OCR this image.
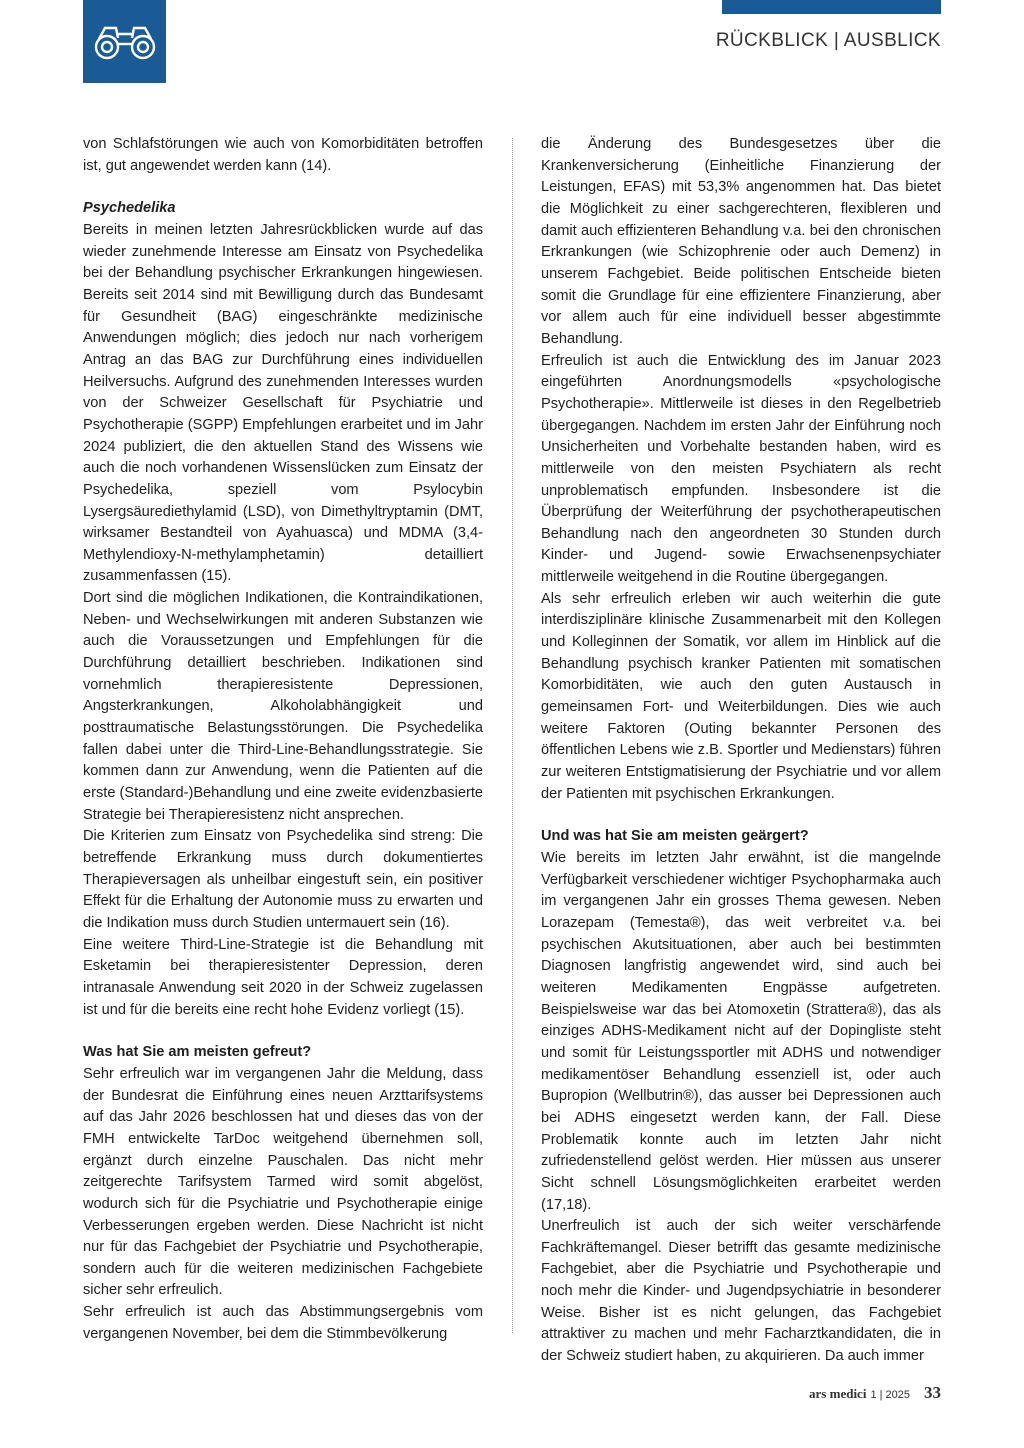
RÜCKBLICK | AUSBLICK

von Schlafstörungen wie auch von Komorbiditäten betroffen ist, gut angewendet werden kann (14).

Psychedelika

Bereits in meinen letzten Jahresrückblicken wurde auf das wieder zunehmende Interesse am Einsatz von Psychedelika bei der Behandlung psychischer Erkrankungen hingewiesen. Bereits seit 2014 sind mit Bewilligung durch das Bundesamt für Gesundheit (BAG) eingeschränkte medizinische Anwendungen möglich; dies jedoch nur nach vorherigem Antrag an das BAG zur Durchführung eines individuellen Heilversuchs. Aufgrund des zunehmenden Interesses wurden von der Schweizer Gesellschaft für Psychiatrie und Psychotherapie (SGPP) Empfehlungen erarbeitet und im Jahr 2024 publiziert, die den aktuellen Stand des Wissens wie auch die noch vorhandenen Wissenslücken zum Einsatz der Psychedelika, speziell vom Psylocybin Lysergsäurediethylamid (LSD), von Dimethyltryptamin (DMT, wirksamer Bestandteil von Ayahuasca) und MDMA (3,4-Methylendioxy-N-methylamphetamin) detailliert zusammenfassen (15).

Dort sind die möglichen Indikationen, die Kontraindikationen, Neben- und Wechselwirkungen mit anderen Substanzen wie auch die Voraussetzungen und Empfehlungen für die Durchführung detailliert beschrieben. Indikationen sind vornehmlich therapieresistente Depressionen, Angsterkrankungen, Alkoholabhängigkeit und posttraumatische Belastungsstörungen. Die Psychedelika fallen dabei unter die Third-Line-Behandlungsstrategie. Sie kommen dann zur Anwendung, wenn die Patienten auf die erste (Standard-)Behandlung und eine zweite evidenzbasierte Strategie bei Therapieresistenz nicht ansprechen.

Die Kriterien zum Einsatz von Psychedelika sind streng: Die betreffende Erkrankung muss durch dokumentiertes Therapieversagen als unheilbar eingestuft sein, ein positiver Effekt für die Erhaltung der Autonomie muss zu erwarten und die Indikation muss durch Studien untermauert sein (16).

Eine weitere Third-Line-Strategie ist die Behandlung mit Esketamin bei therapieresistenter Depression, deren intranasale Anwendung seit 2020 in der Schweiz zugelassen ist und für die bereits eine recht hohe Evidenz vorliegt (15).

Was hat Sie am meisten gefreut?

Sehr erfreulich war im vergangenen Jahr die Meldung, dass der Bundesrat die Einführung eines neuen Arzttarifsystems auf das Jahr 2026 beschlossen hat und dieses das von der FMH entwickelte TarDoc weitgehend übernehmen soll, ergänzt durch einzelne Pauschalen. Das nicht mehr zeitgerechte Tarifsystem Tarmed wird somit abgelöst, wodurch sich für die Psychiatrie und Psychotherapie einige Verbesserungen ergeben werden. Diese Nachricht ist nicht nur für das Fachgebiet der Psychiatrie und Psychotherapie, sondern auch für die weiteren medizinischen Fachgebiete sicher sehr erfreulich.

Sehr erfreulich ist auch das Abstimmungsergebnis vom vergangenen November, bei dem die Stimmbevölkerung

die Änderung des Bundesgesetzes über die Krankenversicherung (Einheitliche Finanzierung der Leistungen, EFAS) mit 53,3% angenommen hat. Das bietet die Möglichkeit zu einer sachgerechteren, flexibleren und damit auch effizienteren Behandlung v.a. bei den chronischen Erkrankungen (wie Schizophrenie oder auch Demenz) in unserem Fachgebiet. Beide politischen Entscheide bieten somit die Grundlage für eine effizientere Finanzierung, aber vor allem auch für eine individuell besser abgestimmte Behandlung.

Erfreulich ist auch die Entwicklung des im Januar 2023 eingeführten Anordnungsmodells «psychologische Psychotherapie». Mittlerweile ist dieses in den Regelbetrieb übergegangen. Nachdem im ersten Jahr der Einführung noch Unsicherheiten und Vorbehalte bestanden haben, wird es mittlerweile von den meisten Psychiatern als recht unproblematisch empfunden. Insbesondere ist die Überprüfung der Weiterführung der psychotherapeutischen Behandlung nach den angeordneten 30 Stunden durch Kinder- und Jugend- sowie Erwachsenenpsychiater mittlerweile weitgehend in die Routine übergegangen.

Als sehr erfreulich erleben wir auch weiterhin die gute interdisziplinäre klinische Zusammenarbeit mit den Kollegen und Kolleginnen der Somatik, vor allem im Hinblick auf die Behandlung psychisch kranker Patienten mit somatischen Komorbiditäten, wie auch den guten Austausch in gemeinsamen Fort- und Weiterbildungen. Dies wie auch weitere Faktoren (Outing bekannter Personen des öffentlichen Lebens wie z.B. Sportler und Medienstars) führen zur weiteren Entstigmatisierung der Psychiatrie und vor allem der Patienten mit psychischen Erkrankungen.

Und was hat Sie am meisten geärgert?

Wie bereits im letzten Jahr erwähnt, ist die mangelnde Verfügbarkeit verschiedener wichtiger Psychopharmaka auch im vergangenen Jahr ein grosses Thema gewesen. Neben Lorazepam (Temesta®), das weit verbreitet v.a. bei psychischen Akutsituationen, aber auch bei bestimmten Diagnosen langfristig angewendet wird, sind auch bei weiteren Medikamenten Engpässe aufgetreten. Beispielsweise war das bei Atomoxetin (Strattera®), das als einziges ADHS-Medikament nicht auf der Dopingliste steht und somit für Leistungssportler mit ADHS und notwendiger medikamentöser Behandlung essenziell ist, oder auch Bupropion (Wellbutrin®), das ausser bei Depressionen auch bei ADHS eingesetzt werden kann, der Fall. Diese Problematik konnte auch im letzten Jahr nicht zufriedenstellend gelöst werden. Hier müssen aus unserer Sicht schnell Lösungsmöglichkeiten erarbeitet werden (17,18).

Unerfreulich ist auch der sich weiter verschärfende Fachkräftemangel. Dieser betrifft das gesamte medizinische Fachgebiet, aber die Psychiatrie und Psychotherapie und noch mehr die Kinder- und Jugendpsychiatrie in besonderer Weise. Bisher ist es nicht gelungen, das Fachgebiet attraktiver zu machen und mehr Facharztkandidaten, die in der Schweiz studiert haben, zu akquirieren. Da auch immer

ars medici 1 | 2025 33
